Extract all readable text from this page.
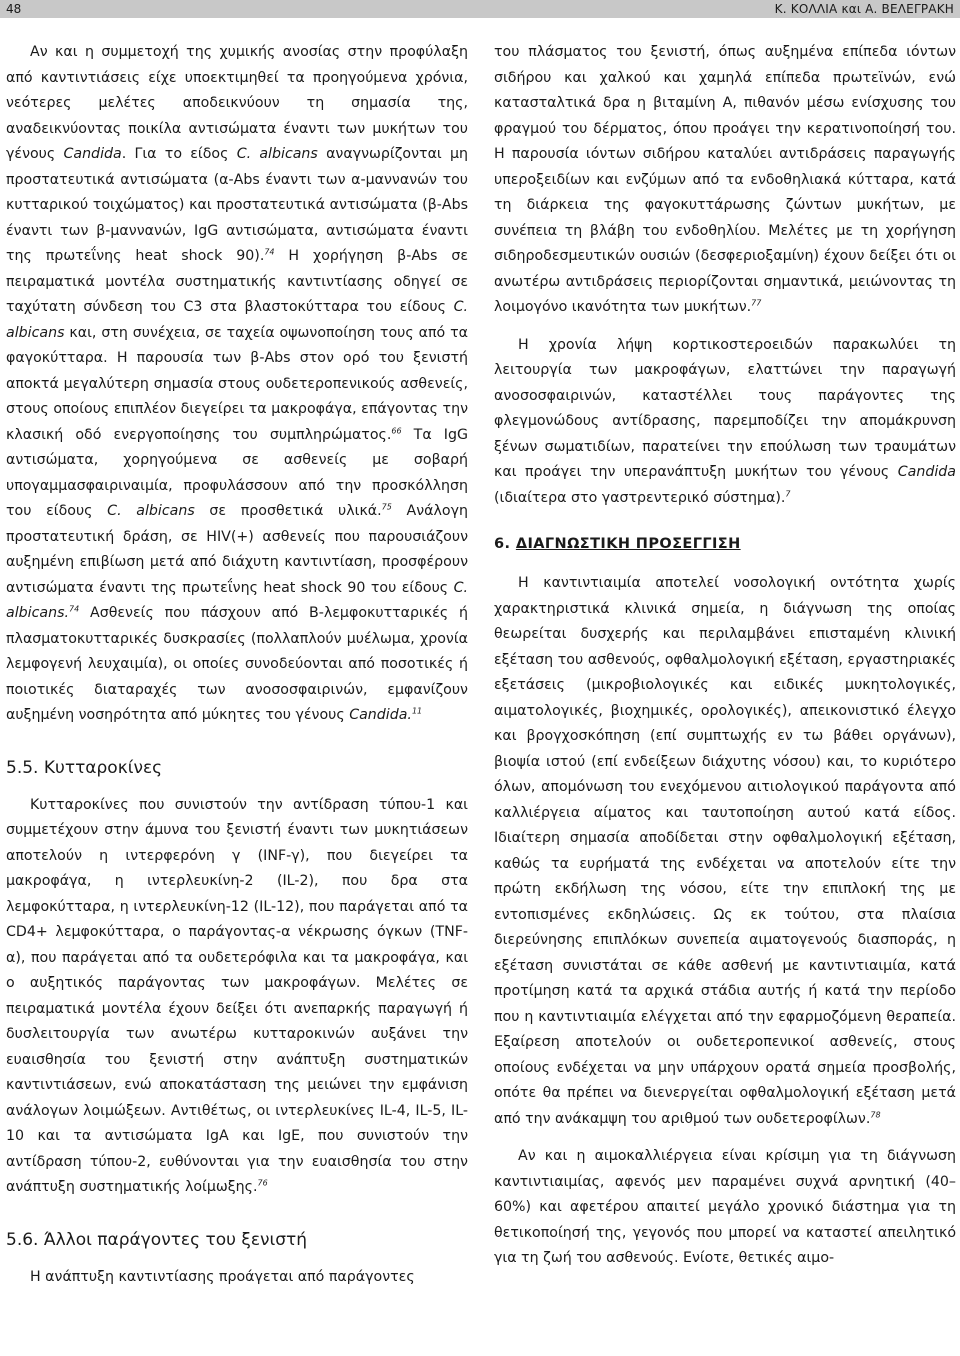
48	Κ. ΚΟΛΛΙΑ και Α. ΒΕΛΕΓΡΑΚΗ

Αν και η συμμετοχή της χυμικής ανοσίας στην προφύλαξη από καντιντιάσεις είχε υποεκτιμηθεί τα προηγούμενα χρόνια, νεότερες μελέτες αποδεικνύουν τη σημασία της, αναδεικνύοντας ποικίλα αντισώματα έναντι των μυκήτων του γένους Candida. Για το είδος C. albicans αναγνωρίζονται μη προστατευτικά αντισώματα (α-Abs έναντι των α-μαννανών του κυτταρικού τοιχώματος) και προστατευτικά αντισώματα (β-Abs έναντι των β-μαννανών, IgG αντισώματα, αντισώματα έναντι της πρωτεΐνης heat shock 90).$^{74}$ Η χορήγηση β-Abs σε πειραματικά μοντέλα συστηματικής καντιντίασης οδηγεί σε ταχύτατη σύνδεση του C3 στα βλαστοκύτταρα του είδους C. albicans και, στη συνέχεια, σε ταχεία οψωνοποίηση τους από τα φαγοκύτταρα. Η παρουσία των β-Abs στον ορό του ξενιστή αποκτά μεγαλύτερη σημασία στους ουδετεροπενικούς ασθενείς, στους οποίους επιπλέον διεγείρει τα μακροφάγα, επάγοντας την κλασική οδό ενεργοποίησης του συμπληρώματος.$^{66}$ Τα IgG αντισώματα, χορηγούμενα σε ασθενείς με σοβαρή υπογαμμασφαιριναιμία, προφυλάσσουν από την προσκόλληση του είδους C. albicans σε προσθετικά υλικά.$^{75}$ Ανάλογη προστατευτική δράση, σε HIV(+) ασθενείς που παρουσιάζουν αυξημένη επιβίωση μετά από διάχυτη καντιντίαση, προσφέρουν αντισώματα έναντι της πρωτεΐνης heat shock 90 του είδους C. albicans.$^{74}$ Ασθενείς που πάσχουν από Β-λεμφοκυτταρικές ή πλασματοκυτταρικές δυσκρασίες (πολλαπλούν μυέλωμα, χρονία λεμφογενή λευχαιμία), οι οποίες συνοδεύονται από ποσοτικές ή ποιοτικές διαταραχές των ανοσοσφαιρινών, εμφανίζουν αυξημένη νοσηρότητα από μύκητες του γένους Candida.$^{11}$

5.5. Κυτταροκίνες

Κυτταροκίνες που συνιστούν την αντίδραση τύπου-1 και συμμετέχουν στην άμυνα του ξενιστή έναντι των μυκητιάσεων αποτελούν η ιντερφερόνη γ (INF-γ), που διεγείρει τα μακροφάγα, η ιντερλευκίνη-2 (IL-2), που δρα στα λεμφοκύτταρα, η ιντερλευκίνη-12 (IL-12), που παράγεται από τα CD4+ λεμφοκύτταρα, ο παράγοντας-α νέκρωσης όγκων (TNF-α), που παράγεται από τα ουδετερόφιλα και τα μακροφάγα, και ο αυξητικός παράγοντας των μακροφάγων. Μελέτες σε πειραματικά μοντέλα έχουν δείξει ότι ανεπαρκής παραγωγή ή δυσλειτουργία των ανωτέρω κυτταροκινών αυξάνει την ευαισθησία του ξενιστή στην ανάπτυξη συστηματικών καντιντιάσεων, ενώ αποκατάσταση της μειώνει την εμφάνιση ανάλογων λοιμώξεων. Αντιθέτως, οι ιντερλευκίνες IL-4, IL-5, IL-10 και τα αντισώματα IgA και IgE, που συνιστούν την αντίδραση τύπου-2, ευθύνονται για την ευαισθησία του στην ανάπτυξη συστηματικής λοίμωξης.$^{76}$

5.6. Άλλοι παράγοντες του ξενιστή

Η ανάπτυξη καντιντίασης προάγεται από παράγοντες

του πλάσματος του ξενιστή, όπως αυξημένα επίπεδα ιόντων σιδήρου και χαλκού και χαμηλά επίπεδα πρωτεϊνών, ενώ κατασταλτικά δρα η βιταμίνη Α, πιθανόν μέσω ενίσχυσης του φραγμού του δέρματος, όπου προάγει την κερατινοποίησή του. Η παρουσία ιόντων σιδήρου καταλύει αντιδράσεις παραγωγής υπεροξειδίων και ενζύμων από τα ενδοθηλιακά κύτταρα, κατά τη διάρκεια της φαγοκυττάρωσης ζώντων μυκήτων, με συνέπεια τη βλάβη του ενδοθηλίου. Μελέτες με τη χορήγηση σιδηροδεσμευτικών ουσιών (δεσφεριοξαμίνη) έχουν δείξει ότι οι ανωτέρω αντιδράσεις περιορίζονται σημαντικά, μειώνοντας τη λοιμογόνο ικανότητα των μυκήτων.$^{77}$

Η χρονία λήψη κορτικοστεροειδών παρακωλύει τη λειτουργία των μακροφάγων, ελαττώνει την παραγωγή ανοσοσφαιρινών, καταστέλλει τους παράγοντες της φλεγμονώδους αντίδρασης, παρεμποδίζει την απομάκρυνση ξένων σωματιδίων, παρατείνει την επούλωση των τραυμάτων και προάγει την υπερανάπτυξη μυκήτων του γένους Candida (ιδιαίτερα στο γαστρεντερικό σύστημα).$^7$

6. ΔΙΑΓΝΩΣΤΙΚΗ ΠΡΟΣΕΓΓΙΣΗ

Η καντιντιαιμία αποτελεί νοσολογική οντότητα χωρίς χαρακτηριστικά κλινικά σημεία, η διάγνωση της οποίας θεωρείται δυσχερής και περιλαμβάνει επισταμένη κλινική εξέταση του ασθενούς, οφθαλμολογική εξέταση, εργαστηριακές εξετάσεις (μικροβιολογικές και ειδικές μυκητολογικές, αιματολογικές, βιοχημικές, ορολογικές), απεικονιστικό έλεγχο και βρογχοσκόπηση (επί συμπτωχής εν τω βάθει οργάνων), βιοψία ιστού (επί ενδείξεων διάχυτης νόσου) και, το κυριότερο όλων, απομόνωση του ενεχόμενου αιτιολογικού παράγοντα από καλλιέργεια αίματος και ταυτοποίηση αυτού κατά είδος. Ιδιαίτερη σημασία αποδίδεται στην οφθαλμολογική εξέταση, καθώς τα ευρήματά της ενδέχεται να αποτελούν είτε την πρώτη εκδήλωση της νόσου, είτε την επιπλοκή της με εντοπισμένες εκδηλώσεις. Ως εκ τούτου, στα πλαίσια διερεύνησης επιπλόκων συνεπεία αιματογενούς διασποράς, η εξέταση συνιστάται σε κάθε ασθενή με καντιντιαιμία, κατά προτίμηση κατά τα αρχικά στάδια αυτής ή κατά την περίοδο που η καντιντιαιμία ελέγχεται από την εφαρμοζόμενη θεραπεία. Εξαίρεση αποτελούν οι ουδετεροπενικοί ασθενείς, στους οποίους ενδέχεται να μην υπάρχουν ορατά σημεία προσβολής, οπότε θα πρέπει να διενεργείται οφθαλμολογική εξέταση μετά από την ανάκαμψη του αριθμού των ουδετεροφίλων.$^{78}$

Αν και η αιμοκαλλιέργεια είναι κρίσιμη για τη διάγνωση καντιντιαιμίας, αφενός μεν παραμένει συχνά αρνητική (40–60%) και αφετέρου απαιτεί μεγάλο χρονικό διάστημα για τη θετικοποίησή της, γεγονός που μπορεί να καταστεί απειλητικό για τη ζωή του ασθενούς. Ενίοτε, θετικές αιμο-
